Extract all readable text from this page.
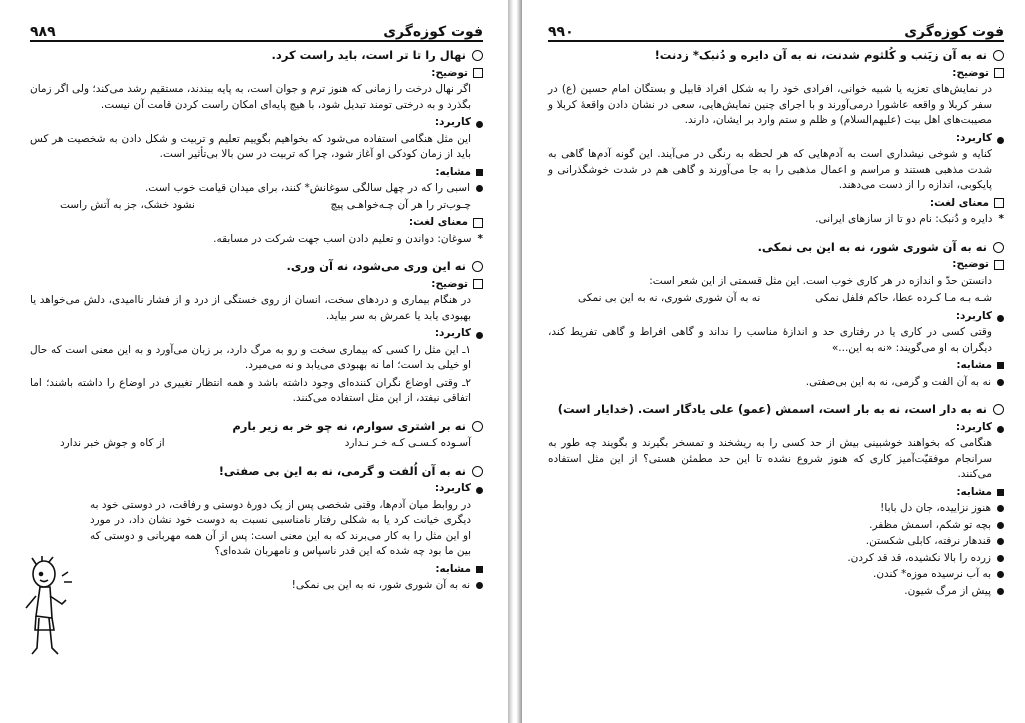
فوت کوزه‌گری
۹۸۹
نهال را تا تر است، باید راست کرد.
توضیح:
اگر نهال درخت را زمانی که هنوز ترم و جوان است، به پایه ببندند، مستقیم رشد می‌کند؛ ولی اگر زمان بگذرد و به درختی تومند تبدیل شود، با هیچ پایه‌ای امکان راست کردن قامت آن نیست.
کاربرد:
این مثل هنگامی استفاده می‌شود که بخواهیم بگوییم تعلیم و تربیت و شکل دادن به شخصیت هر کس باید از زمان کودکی او آغاز شود، چرا که تربیت در سن بالا بی‌تأثیر است.
مشابه:
اسبی را که در چهل سالگی سوغانش* کنند، برای میدان قیامت خوب است.
چـوب‌تر را هر آن چـه‌خواهـی پیچ
نشود خشک، جز به آتش راست
معنای لغت:
*
سوغان: دواندن و تعلیم دادن اسب جهت شرکت در مسابقه.
نه این وری می‌شود، نه آن وری.
توضیح:
در هنگام بیماری و دردهای سخت، انسان از روی خستگی از درد و از فشار ناامیدی، دلش می‌خواهد یا بهبودی یابد یا عمرش به سر بیاید.
کاربرد:
۱ـ این مثل را کسی که بیماری سخت و رو به مرگ دارد، بر زبان می‌آورد و به این معنی است که حال او خیلی بد است؛ اما نه بهبودی می‌یابد و نه می‌میرد.
۲ـ وقتی اوضاع نگران کننده‌ای وجود داشته باشد و همه انتظار تغییری در اوضاع را داشته باشند؛ اما اتفاقی نیفتد، از این مثل استفاده می‌کنند.
نه بر اشتری سوارم، نه چو خر به زیر بارم
آسـوده کـسـی کـه خـر نـدارد
از کاه و جوش خبر ندارد
نه به آن اُلفت و گرمی، نه به این بی صفتی!
کاربرد:
در روابط میان آدم‌ها، وقتی شخصی پس از یک دورهٔ دوستی و رفاقت، در دوستی خود به دیگری خیانت کرد یا به شکلی رفتار نامناسبی نسبت به دوست خود نشان داد، در مورد او این مثل را به کار می‌برند که به این معنی است: پس از آن همه مهربانی و دوستی که بین ما بود چه شده که این قدر ناسپاس و نامهربان شده‌ای؟
مشابه:
نه به آن شوری شور، نه به این بی نمکی!
فوت کوزه‌گری
۹۹۰
نه به آن زیَنب و کُلثوم شدنت، نه به آن دایره و دُنبک* زدنت!
توضیح:
در نمایش‌های تعزیه یا شبیه خوانی، افرادی خود را به شکل افراد قابیل و بستگان امام حسین (ع) در سفر کربلا و واقعه عاشورا درمی‌آورند و با اجرای چنین نمایش‌هایی، سعی در نشان دادن واقعهٔ کربلا و مصیبت‌های اهل بیت (علیهم‌السلام) و ظلم و ستم وارد بر ایشان، دارند.
کاربرد:
کنایه و شوخی نیشداری است به آدم‌هایی که هر لحظه به رنگی در می‌آیند. این گونه آدم‌ها گاهی به شدت مذهبی هستند و مراسم و اعمال مذهبی را به جا می‌آورند و گاهی هم در شدت خوشگذرانی و پایکوبی، اندازه را از دست می‌دهند.
معنای لغت:
*
دایره و دُنبک: نام دو تا از سازهای ایرانی.
نه به آن شوری شور، نه به این بی نمکی.
توضیح:
دانستن حدّ و اندازه در هر کاری خوب است. این مثل قسمتی از این شعر است:
شـه بـه مـا کـرده عطا، حاکم فلفل نمکی
نه به آن شوری شوری، نه به این بی نمکی
کاربرد:
وقتی کسی در کاری یا در رفتاری حد و اندازهٔ مناسب را نداند و گاهی افراط و گاهی تفریط کند، دیگران به او می‌گویند: «نه به این...»
مشابه:
نه به آن الفت و گرمی، نه به این بی‌صفتی.
نه به دار است، نه به بار است، اسمش (عمو) علی یادگار است. (خدایار است)
کاربرد:
هنگامی که بخواهند خوشبینی بیش از حد کسی را به ریشخند و تمسخر بگیرند و بگویند چه طور به سرانجام موفقیّت‌آمیز کاری که هنوز شروع نشده تا این حد مطمئن هستی؟ از این مثل استفاده می‌کنند.
مشابه:
هنوز نزاییده، جان دل بابا!
بچه تو شکم، اسمش مظفر.
قندهار نرفته، کابلی شکستن.
زرده را بالا نکشیده، قد قد کردن.
به آب نرسیده موزه* کندن.
پیش از مرگ شیون.
